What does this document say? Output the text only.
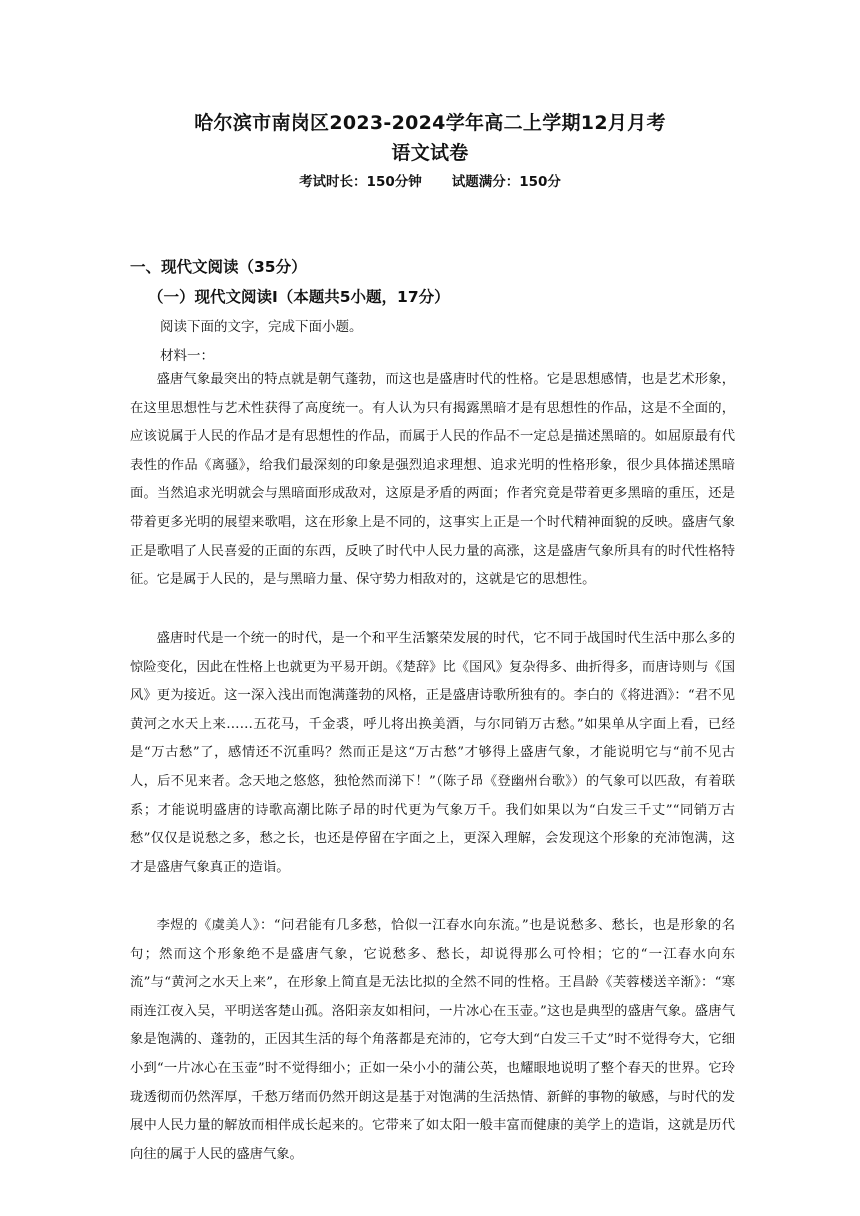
哈尔滨市南岗区2023-2024学年高二上学期12月月考
语文试卷
考试时长：150分钟 试题满分：150分
一、现代文阅读（35分）
（一）现代文阅读Ⅰ（本题共5小题，17分）
阅读下面的文字，完成下面小题。
材料一：

盛唐气象最突出的特点就是朝气蓬勃，而这也是盛唐时代的性格。它是思想感情，也是艺术形象，在这里思想性与艺术性获得了高度统一。有人认为只有揭露黑暗才是有思想性的作品，这是不全面的，应该说属于人民的作品才是有思想性的作品，而属于人民的作品不一定总是描述黑暗的。如屈原最有代表性的作品《离骚》，给我们最深刻的印象是强烈追求理想、追求光明的性格形象，很少具体描述黑暗面。当然追求光明就会与黑暗面形成敌对，这原是矛盾的两面；作者究竟是带着更多黑暗的重压，还是带着更多光明的展望来歌唱，这在形象上是不同的，这事实上正是一个时代精神面貌的反映。盛唐气象正是歌唱了人民喜爱的正面的东西，反映了时代中人民力量的高涨，这是盛唐气象所具有的时代性格特征。它是属于人民的，是与黑暗力量、保守势力相敌对的，这就是它的思想性。

盛唐时代是一个统一的时代，是一个和平生活繁荣发展的时代，它不同于战国时代生活中那么多的惊险变化，因此在性格上也就更为平易开朗。《楚辞》比《国风》复杂得多、曲折得多，而唐诗则与《国风》更为接近。这一深入浅出而饱满蓬勃的风格，正是盛唐诗歌所独有的。李白的《将进酒》：“君不见黄河之水天上来……五花马，千金裘，呼儿将出换美酒，与尔同销万古愁。”如果单从字面上看，已经是“万古愁”了，感情还不沉重吗？然而正是这“万古愁”才够得上盛唐气象，才能说明它与“前不见古人，后不见来者。念天地之悠悠，独怆然而涕下！”（陈子昂《登幽州台歌》）的气象可以匹敌，有着联系；才能说明盛唐的诗歌高潮比陈子昂的时代更为气象万千。我们如果以为“白发三千丈”“同销万古愁”仅仅是说愁之多，愁之长，也还是停留在字面之上，更深入理解，会发现这个形象的充沛饱满，这才是盛唐气象真正的造诣。

李煜的《虞美人》：“问君能有几多愁，恰似一江春水向东流。”也是说愁多、愁长，也是形象的名句；然而这个形象绝不是盛唐气象，它说愁多、愁长，却说得那么可怜相；它的“一江春水向东流”与“黄河之水天上来”，在形象上简直是无法比拟的全然不同的性格。王昌龄《芙蓉楼送辛渐》：“寒雨连江夜入吴，平明送客楚山孤。洛阳亲友如相问，一片冰心在玉壶。”这也是典型的盛唐气象。盛唐气象是饱满的、蓬勃的，正因其生活的每个角落都是充沛的，它夸大到“白发三千丈”时不觉得夸大，它细小到“一片冰心在玉壶”时不觉得细小；正如一朵小小的蒲公英，也耀眼地说明了整个春天的世界。它玲珑透彻而仍然浑厚，千愁万绪而仍然开朗这是基于对饱满的生活热情、新鲜的事物的敏感，与时代的发展中人民力量的解放而相伴成长起来的。它带来了如太阳一般丰富而健康的美学上的造诣，这就是历代向往的属于人民的盛唐气象。
